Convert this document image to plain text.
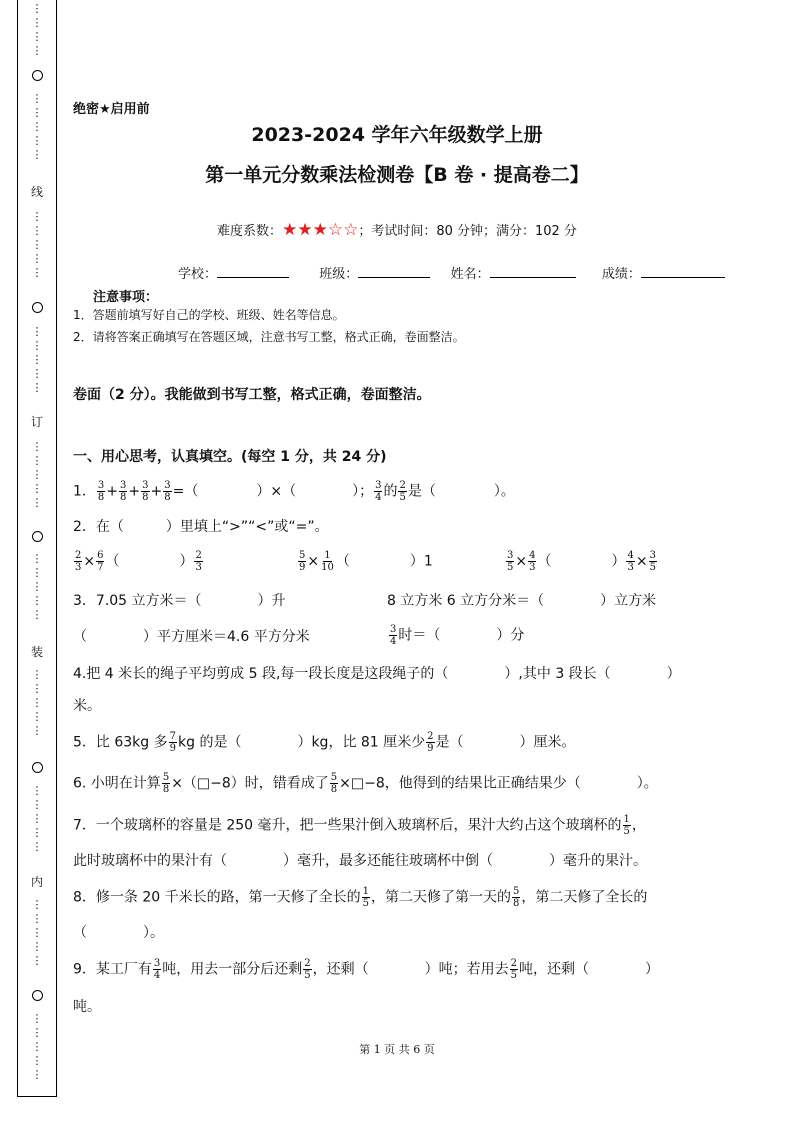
⋮
⋮
⋮
⋮
⋮
⋮
⋮
⋮
⋮
线
⋮
⋮
⋮
⋮
⋮
⋮
⋮
⋮
⋮
⋮
订
⋮
⋮
⋮
⋮
⋮
⋮
⋮
⋮
⋮
⋮
装
⋮
⋮
⋮
⋮
⋮
⋮
⋮
⋮
⋮
⋮
内
⋮
⋮
⋮
⋮
⋮
⋮
⋮
⋮
⋮
⋮
绝密★启用前
2023-2024 学年六年级数学上册
第一单元分数乘法检测卷【B 卷 · 提高卷二】
难度系数：★★★☆☆；考试时间：80 分钟；满分：102 分
学校：	班级：	姓名：	成绩：
注意事项：
1．答题前填写好自己的学校、班级、姓名等信息。
2．请将答案正确填写在答题区域，注意书写工整，格式正确，卷面整洁。
卷面（2 分）。我能做到书写工整，格式正确，卷面整洁。
一、用心思考，认真填空。(每空 1 分，共 24 分)
1． $\frac{3}{8} + \frac{3}{8} + \frac{3}{8} + \frac{3}{8}$ =（	）×（	）； $\frac{3}{4}$ 的 $\frac{2}{5}$ 是（	）。
2．在（　　　）里填上“>”“<”或“=”。
$\frac{2}{3} \times \frac{6}{7}$ （	） $\frac{2}{3}$	$\frac{5}{9} \times \frac{1}{10}$ （	）1	$\frac{3}{5} \times \frac{4}{3}$ （	） $\frac{4}{3} \times \frac{3}{5}$
3．7.05 立方米＝（　　　　）升	8 立方米 6 立方分米＝（　　　　）立方米
（　　　　）平方厘米＝4.6 平方分米	$\frac{3}{4}$ 时＝（　　　　）分
4.把 4 米长的绳子平均剪成 5 段,每一段长度是这段绳子的（　　　　）,其中 3 段长（　　　　）
米。
5．比 63kg 多 $\frac{7}{9}$ kg 的是（　　　　）kg，比 81 厘米少 $\frac{2}{9}$ 是（　　　　）厘米。
6. 小明在计算 $\frac{5}{8}$ ×（□−8）时，错看成了 $\frac{5}{8}$ ×□−8，他得到的结果比正确结果少（　　　　）。
7．一个玻璃杯的容量是 250 毫升，把一些果汁倒入玻璃杯后，果汁大约占这个玻璃杯的 $\frac{1}{5}$ ，
此时玻璃杯中的果汁有（　　　　）毫升，最多还能往玻璃杯中倒（　　　　）毫升的果汁。
8．修一条 20 千米长的路，第一天修了全长的 $\frac{1}{5}$ ，第二天修了第一天的 $\frac{5}{8}$ ，第二天修了全长的
（　　　　）。
9．某工厂有 $\frac{3}{4}$ 吨，用去一部分后还剩 $\frac{2}{5}$ ，还剩（　　　　）吨；若用去 $\frac{2}{5}$ 吨，还剩（　　　　）
吨。
第 1 页 共 6 页
